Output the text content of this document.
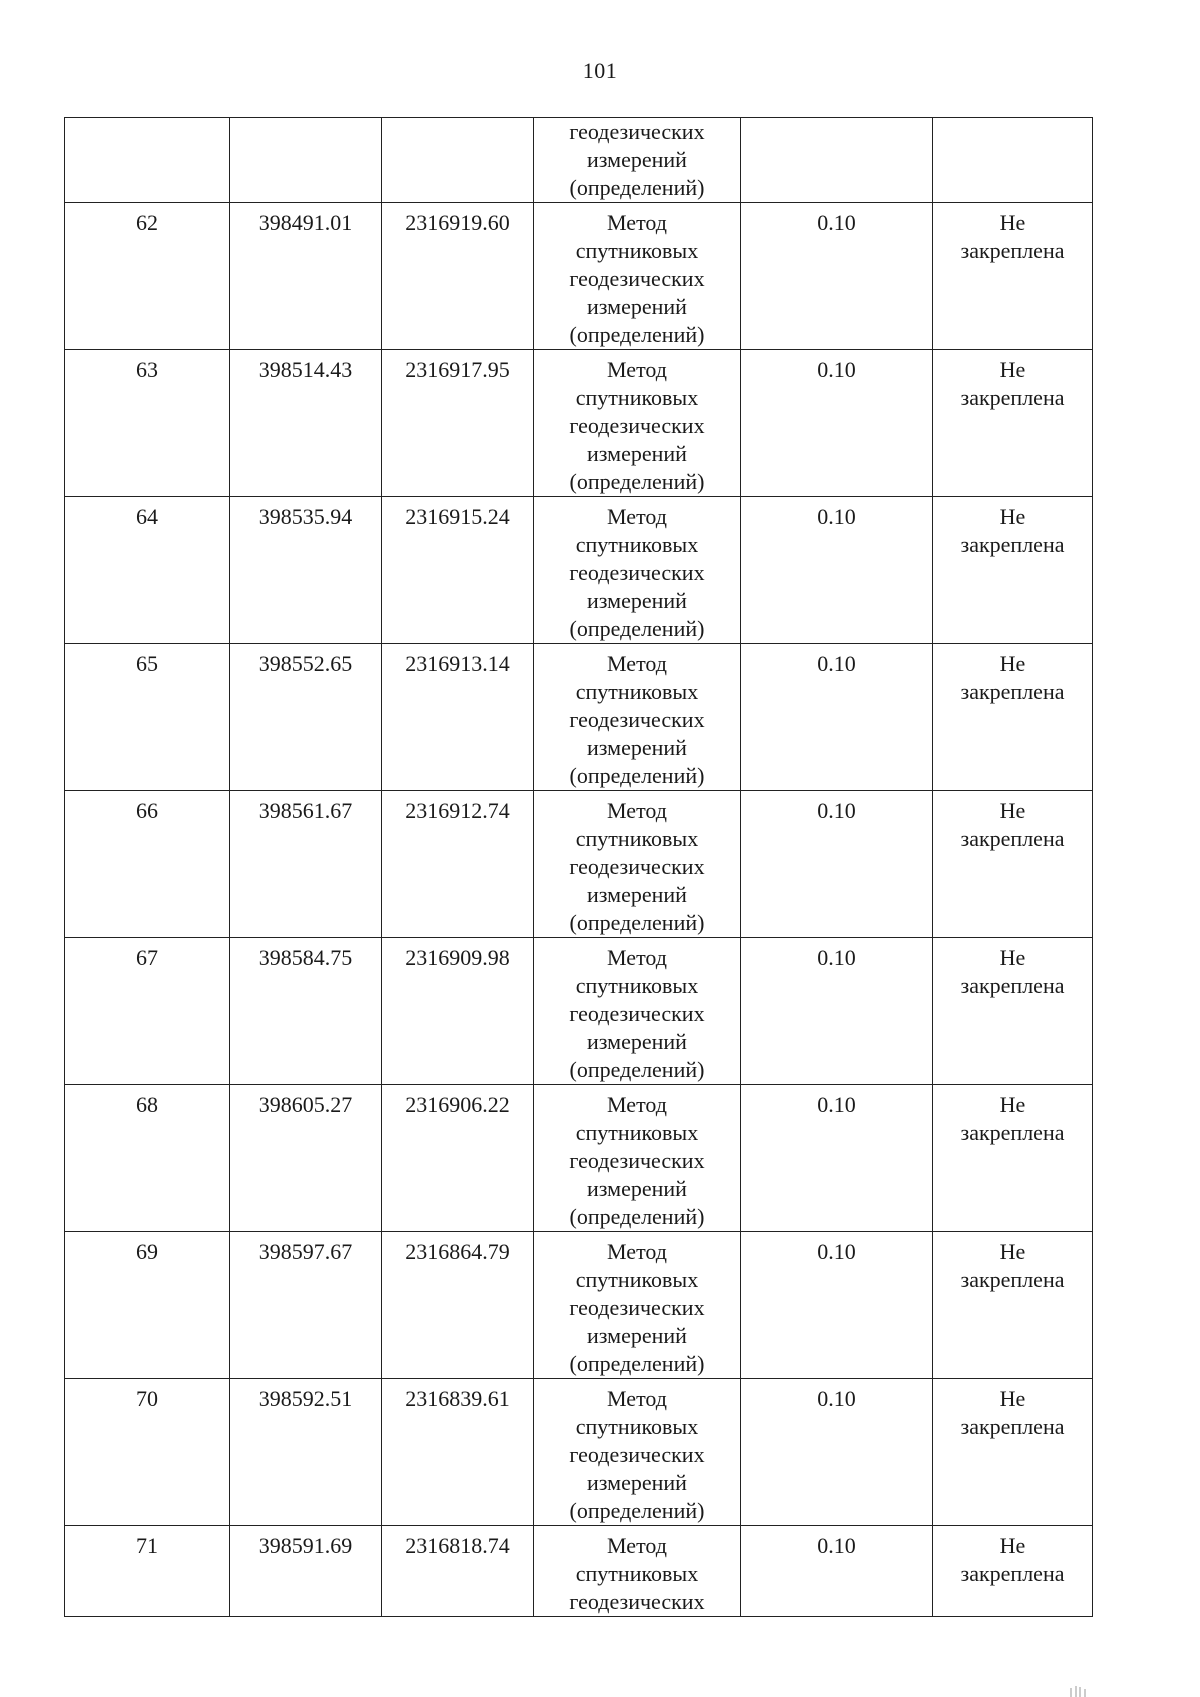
101

			геодезических
измерений
(определений)		

62	398491.01	2316919.60	Метод
спутниковых
геодезических
измерений
(определений)	0.10	Не
закреплена

63	398514.43	2316917.95	Метод
спутниковых
геодезических
измерений
(определений)	0.10	Не
закреплена

64	398535.94	2316915.24	Метод
спутниковых
геодезических
измерений
(определений)	0.10	Не
закреплена

65	398552.65	2316913.14	Метод
спутниковых
геодезических
измерений
(определений)	0.10	Не
закреплена

66	398561.67	2316912.74	Метод
спутниковых
геодезических
измерений
(определений)	0.10	Не
закреплена

67	398584.75	2316909.98	Метод
спутниковых
геодезических
измерений
(определений)	0.10	Не
закреплена

68	398605.27	2316906.22	Метод
спутниковых
геодезических
измерений
(определений)	0.10	Не
закреплена

69	398597.67	2316864.79	Метод
спутниковых
геодезических
измерений
(определений)	0.10	Не
закреплена

70	398592.51	2316839.61	Метод
спутниковых
геодезических
измерений
(определений)	0.10	Не
закреплена

71	398591.69	2316818.74	Метод
спутниковых
геодезических	0.10	Не
закреплена
